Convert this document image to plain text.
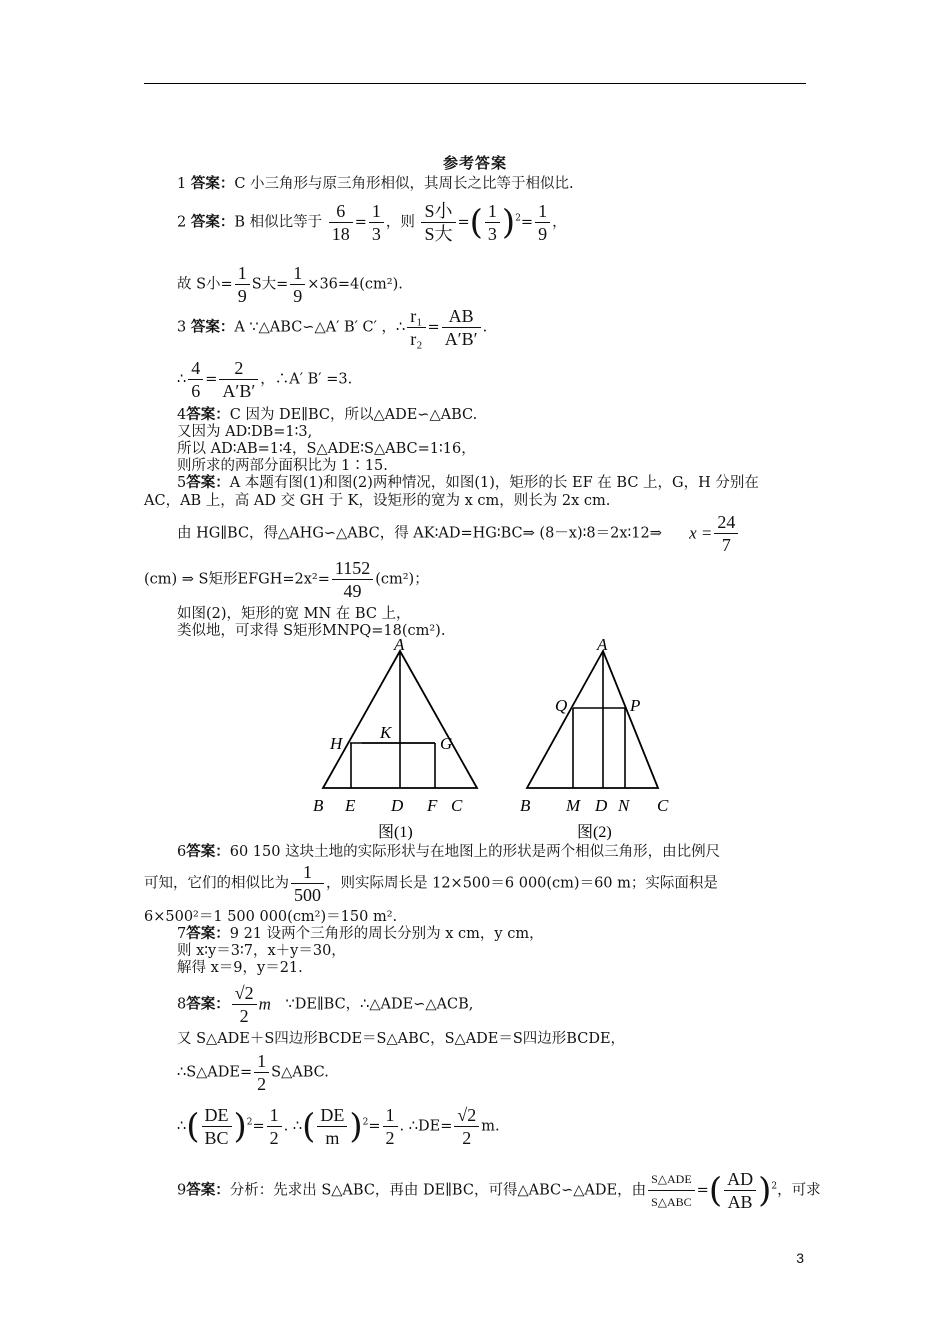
参考答案
1 答案：C 小三角形与原三角形相似，其周长之比等于相似比.
2 答案：B 相似比等于 $\frac{6}{18} = \frac{1}{3}$ ，则 $\frac{\text{S小}}{\text{S大}}$ =( $\frac{1}{3} )^2= \frac{1}{9}$ ，
故 S小= $\frac{1}{9}$ S大= $\frac{1}{9} \times 36=4(cm^2)$.
3 答案：A ∵△ABC∽△A′ B′ C′ ，∴ $\frac{\text{r₁}}{\text{r₂}} = \frac{AB}{A'B'}$ .
∴ $\frac{4}{6} = \frac{2}{A'B'}$ ，∴A′ B′ =3.
4答案：C 因为 DE∥BC，所以△ADE∽△ABC.
又因为 AD∶DB=1∶3,
所以 AD∶AB=1∶4，S△ADE∶S△ABC=1∶16，
则所求的两部分面积比为 1∶15.
5答案：A 本题有图(1)和图(2)两种情况，如图(1)，矩形的长 EF 在 BC 上，G，H 分别在
AC，AB 上，高 AD 交 GH 于 K，设矩形的宽为 x cm，则长为 2x cm.
由 HG∥BC，得△AHG∽△ABC，得 AK∶AD=HG∶BC⇒ (8－x)∶8＝2x∶12⇒ $x = \frac{24}{7}$
(cm) ⇒ S矩形EFGH=2x²= $\frac{1152}{49} (cm^2)$；
如图(2)，矩形的宽 MN 在 BC 上，
类似地，可求得 S矩形MNPQ=18(cm²).
A
H
K
G
B E D F C
图(1)
A
Q	P
B M D N C
图(2)
6答案：60 150 这块土地的实际形状与在地图上的形状是两个相似三角形，由比例尺
可知，它们的相似比为 $\frac{1}{500}$ ，则实际周长是 12×500＝6 000(cm)＝60 m；实际面积是
6×500²＝1 500 000(cm²)＝150 m².
7答案：9 21 设两个三角形的周长分别为 x cm，y cm，
则 x∶y＝3∶7，x＋y＝30，
解得 x＝9，y＝21.
8答案： $\frac{√2}{2}$ m ∵DE∥BC，∴△ADE∽△ACB,
又 S△ADE＋S四边形BCDE＝S△ABC，S△ADE＝S四边形BCDE，
∴S△ADE= $\frac{1}{2}$ S△ABC.
∴( $\frac{DE}{BC} )^2= \frac{1}{2}$ . ∴( $\frac{DE}{m} )^2= \frac{1}{2}$ . ∴DE= $\frac{√2}{2} m$.
9答案：分析：先求出 S△ABC，再由 DE∥BC，可得△ABC∽△ADE，由 $\frac{\text{S△ADE}}{\text{S△ABC}}$ =( $\frac{AD}{AB} )^2$，可求
3
